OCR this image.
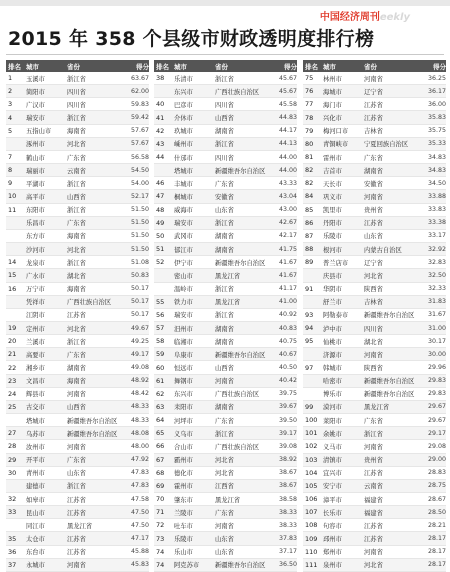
中国经济周刊eekly
2015 年 358 个县级市财政透明度排行榜
排名 城市	省份	得分
1	玉溪市	浙江省	63.67
2	简阳市	四川省	62.00
3	广汉市	四川省	59.83
4	瑞安市	浙江省	59.42
5	五指山市	海南省	57.67
涿州市	河北省	57.67
7	鹤山市	广东省	56.58
8	瑞丽市	云南省	54.50
9	平湖市	浙江省	54.00
10	高平市	山西省	52.17
11	东阳市	浙江省	51.50
乐昌市	广东省	51.50
东方市	海南省	51.50
沙河市	河北省	51.50
14	龙泉市	浙江省	51.08
15	广水市	湖北省	50.83
16	万宁市	海南省	50.17
凭祥市	广西壮族自治区	50.17
江阴市	江苏省	50.17
19	定州市	河北省	49.67
20	兰溪市	浙江省	49.25
21	高要市	广东省	49.17
22	湘乡市	湖南省	49.08
23	文昌市	海南省	48.92
24	辉县市	河南省	48.42
25	古交市	山西省	48.33
塔城市	新疆维吾尔自治区	48.33
27	乌苏市	新疆维吾尔自治区	48.08
28	汝州市	河南省	48.00
29	开平市	广东省	47.92
30	青州市	山东省	47.83
建德市	浙江省	47.83
32	如皋市	江苏省	47.58
33	昆山市	江苏省	47.50
同江市	黑龙江省	47.50
35	太仓市	江苏省	47.17
36	东台市	江苏省	45.88
37	永城市	河南省	45.83
排名 城市	省份	得分
38	乐清市	浙江省	45.67
东兴市	广西壮族自治区	45.67
40	巴彦市	四川省	45.58
41	介休市	山西省	44.83
42	玖城市	湖南省	44.17
43	嵊州市	浙江省	44.13
44	什邡市	四川省	44.00
塔城市	新疆维吾尔自治区	44.00
46	丰城市	广东省	43.33
47	桐城市	安徽省	43.04
48	威海市	山东省	43.00
49	瑞安市	浙江省	42.67
50	武冈市	湖南省	42.17
51	郁江市	湖南省	41.75
52	伊宁市	新疆维吾尔自治区	41.67
密山市	黑龙江省	41.67
温岭市	浙江省	41.17
55	铁力市	黑龙江省	41.00
56	瑞安市	浙江省	40.92
57	汨州市	湖南省	40.83
58	临湘市	湖南省	40.75
59	阜康市	新疆维吾尔自治区	40.67
60	恒远市	山西省	40.50
61	舞钢市	河南省	40.42
62	东兴市	广西壮族自治区	39.75
63	耒阳市	湖南省	39.67
64	河坪市	广东省	39.50
65	义乌市	浙江省	39.17
66	合山市	广西壮族自治区	39.08
67	霸州市	河北省	38.92
68	德化市	河北省	38.67
69	霍州市	江西省	38.67
70	肇东市	黑龙江省	38.58
71	兰陵市	广东省	38.33
72	吐车市	河南省	38.33
73	乐陵市	山东省	37.83
74	乐山市	山东省	37.17
74	阿克苏市	新疆维吾尔自治区	36.50
排名 城市	省份	得分
75	林州市	河南省	36.25
76	海城市	辽宁省	36.17
77	海门市	江苏省	36.00
78	兴化市	江苏省	35.83
79	梅河口市	吉林省	35.75
80	青铜峡市	宁夏回族自治区	35.33
81	雷州市	广东省	34.83
82	吉首市	湖南省	34.83
82	天长市	安徽省	34.50
84	巩义市	河南省	33.88
85	凯里市	贵州省	33.83
86	丹阳市	江苏省	33.38
87	乐陵市	山东省	33.17
88	根河市	内蒙古自治区	32.92
89	普兰店市	辽宁省	32.83
庆县市	河北省	32.50
91	华阴市	陕西省	32.33
舒兰市	吉林省	31.83
93	阿勒泰市	新疆维吾尔自治区	31.67
94	泸中市	四川省	31.00
95	仙桃市	湖北省	30.17
济源市	河南省	30.00
97	韩城市	陕西省	29.96
哈密市	新疆维吾尔自治区	29.83
博乐市	新疆维吾尔自治区	29.83
99	漠河市	黑龙江省	29.67
100 莱阳市	广东省	29.67
101 余姚市	浙江省	29.17
102 义马市	河南省	29.08
103 清镇市	贵州省	29.00
104 宜兴市	江苏省	28.83
105 安宁市	云南省	28.75
106 漳平市	福建省	28.67
107 长乐市	福建省	28.50
108 句容市	江苏省	28.21
109 邳州市	江苏省	28.17
110 郑州市	河南省	28.17
111 泉州市	河北省	28.17
